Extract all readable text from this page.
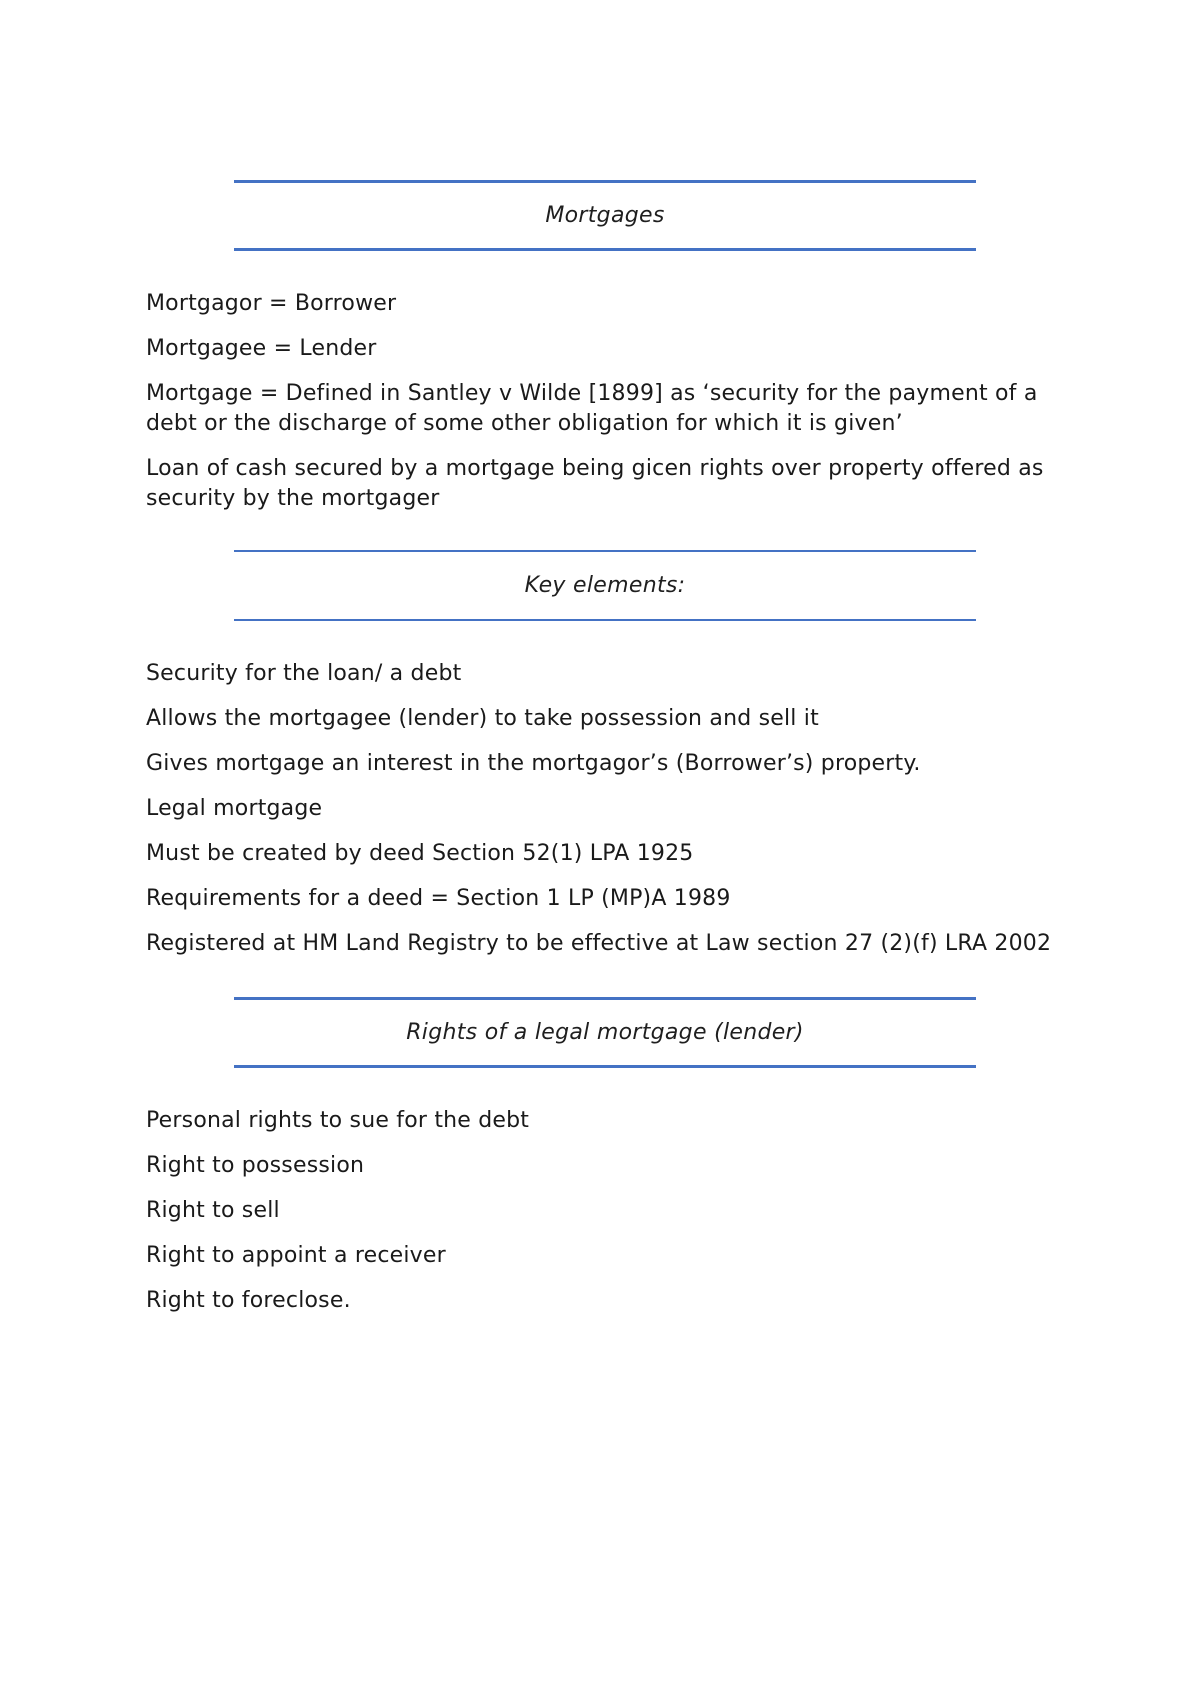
Mortgages

Mortgagor = Borrower

Mortgagee = Lender

Mortgage = Defined in Santley v Wilde [1899] as ‘security for the payment of a debt or the discharge of some other obligation for which it is given’

Loan of cash secured by a mortgage being gicen rights over property offered as security by the mortgager

Key elements:

Security for the loan/ a debt

Allows the mortgagee (lender) to take possession and sell it

Gives mortgage an interest in the mortgagor’s (Borrower’s) property.

Legal mortgage

Must be created by deed Section 52(1) LPA 1925

Requirements for a deed = Section 1 LP (MP)A 1989

Registered at HM Land Registry to be effective at Law section 27 (2)(f) LRA 2002

Rights of a legal mortgage (lender)

Personal rights to sue for the debt

Right to possession

Right to sell

Right to appoint a receiver

Right to foreclose.
